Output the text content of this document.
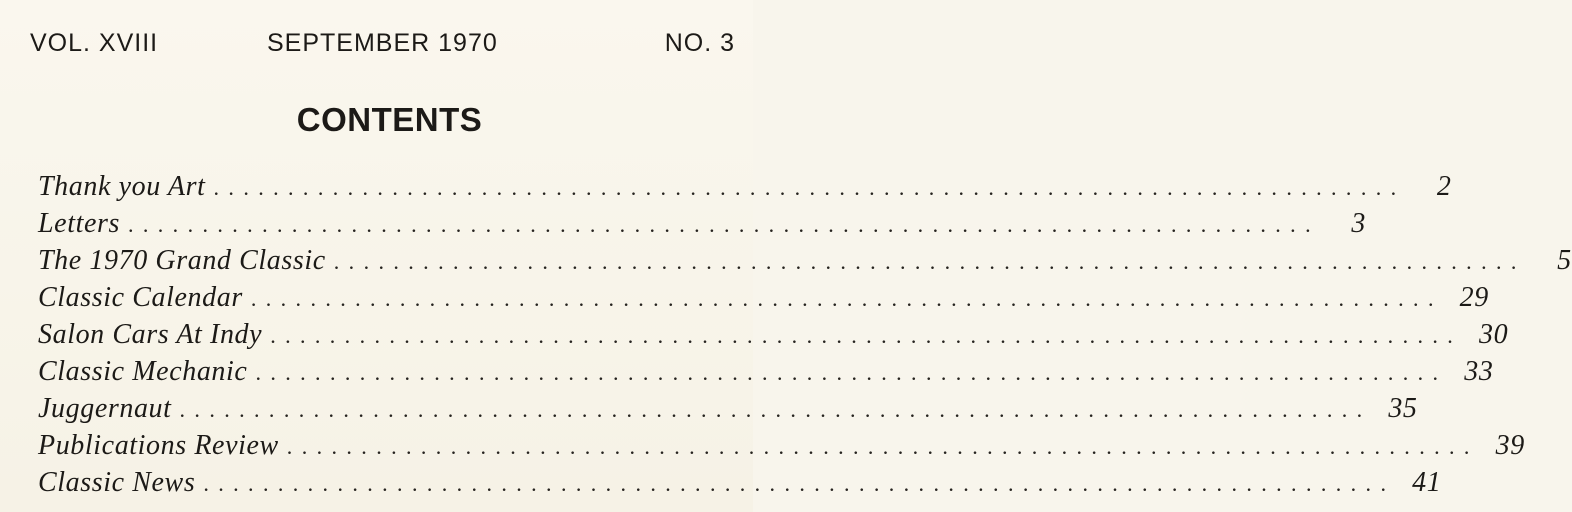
VOL. XVIII	SEPTEMBER 1970	NO. 3
CONTENTS
Thank you Art ................................................................................	2
Letters ................................................................................	3
The 1970 Grand Classic ................................................................................	5
Classic Calendar ................................................................................ 29
Salon Cars At Indy ................................................................................ 30
Classic Mechanic ................................................................................ 33
Juggernaut ................................................................................ 35
Publications Review ................................................................................ 39
Classic News ................................................................................ 41
